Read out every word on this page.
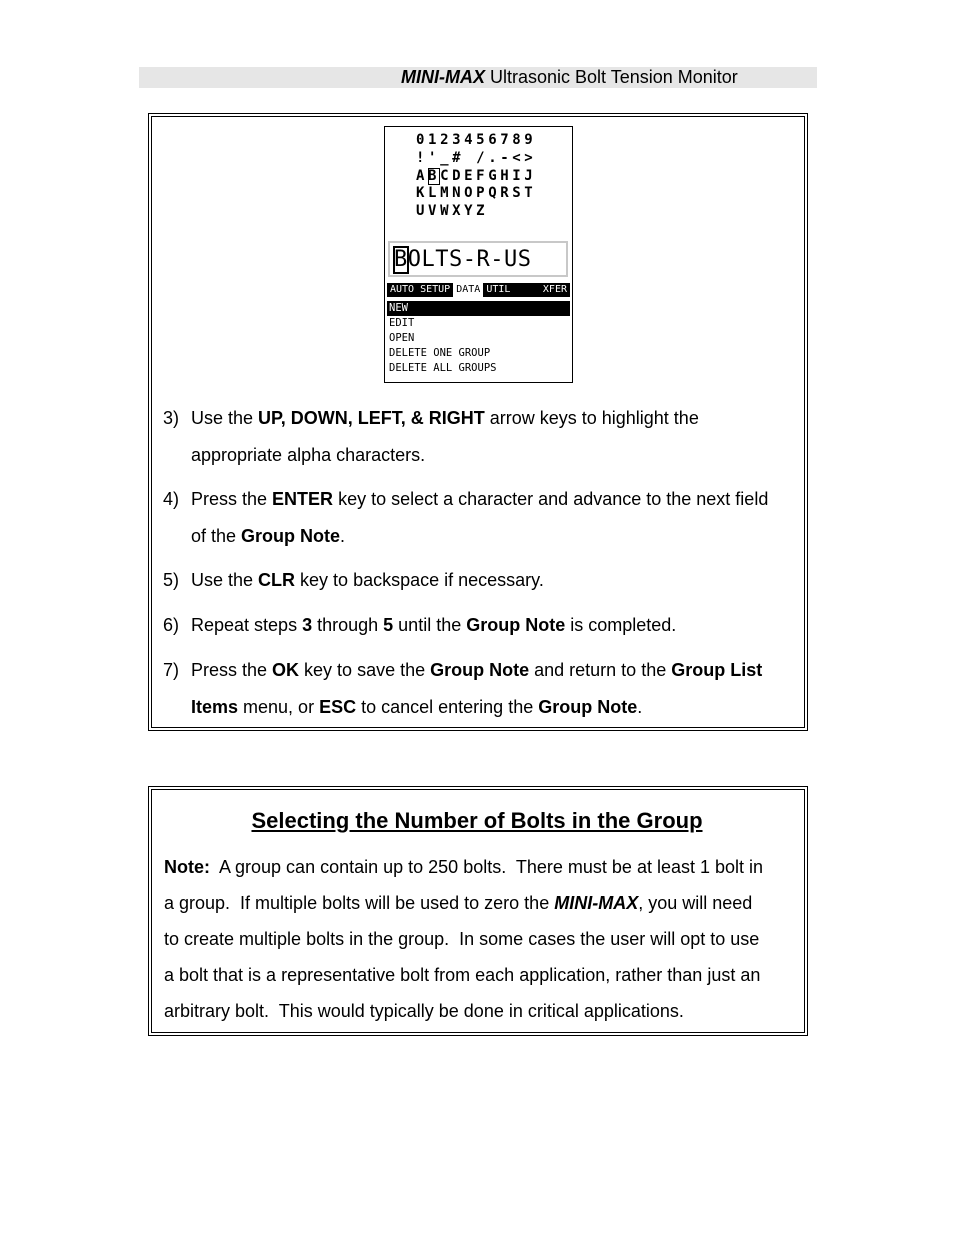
MINI-MAX Ultrasonic Bolt Tension Monitor
0123456789
!'_# /.-<>
ABCDEFGHIJ
KLMNOPQRST
UVWXYZ
BOLTS-R-US
AUTO SETUP DATA UTIL	XFER
NEW
EDIT
OPEN
DELETE ONE GROUP
DELETE ALL GROUPS
3) Use the UP, DOWN, LEFT, & RIGHT arrow keys to highlight the
appropriate alpha characters.
4) Press the ENTER key to select a character and advance to the next field
of the Group Note.
5) Use the CLR key to backspace if necessary.
6) Repeat steps 3 through 5 until the Group Note is completed.
7) Press the OK key to save the Group Note and return to the Group List
Items menu, or ESC to cancel entering the Group Note.
Selecting the Number of Bolts in the Group
Note:  A group can contain up to 250 bolts.  There must be at least 1 bolt in
a group.  If multiple bolts will be used to zero the MINI-MAX, you will need
to create multiple bolts in the group.  In some cases the user will opt to use
a bolt that is a representative bolt from each application, rather than just an
arbitrary bolt.  This would typically be done in critical applications.
